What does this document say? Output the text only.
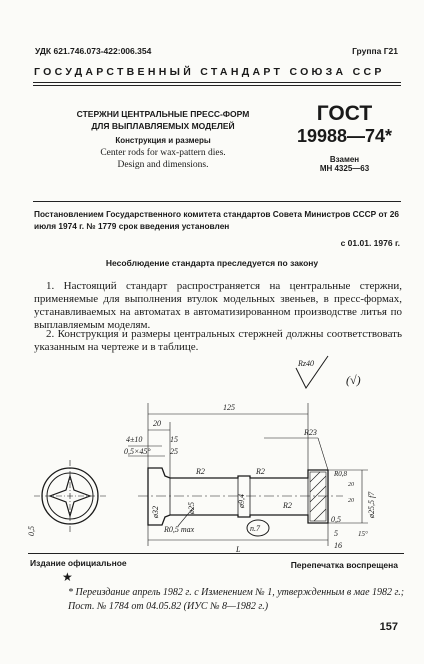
УДК 621.746.073-422:006.354	Группа Г21
ГОСУДАРСТВЕННЫЙ СТАНДАРТ СОЮЗА ССР
СТЕРЖНИ ЦЕНТРАЛЬНЫЕ ПРЕСС-ФОРМ
ДЛЯ ВЫПЛАВЛЯЕМЫХ МОДЕЛЕЙ
Конструкция и размеры
Center rods for wax-pattern dies.
Design and dimensions.
ГОСТ
19988—74*
Взамен
МН 4325—63
Постановлением Государственного комитета стандартов Совета Министров СССР от 26 июля 1974 г. № 1779 срок введения установлен
с 01.01. 1976 г.
Несоблюдение стандарта преследуется по закону
1. Настоящий стандарт распространяется на центральные стержни, применяемые для выполнения втулок модельных звеньев, в пресс-формах, устанавливаемых на автоматах в автоматизированном производстве литья по выплавляемым моделям.
2. Конструкция и размеры центральных стержней должны соответствовать указанным на чертеже и в таблице.
Rz40
(√)
125
20
4±10
0,5×45°
R2	R2
R2
R23
15
25
ø32	ø25	ø9,4	ø25,5 f7
R0,5 max
0,5
0,5
5
16
L
15°
п.7
20
20
R0,8
Издание официальное	Перепечатка воспрещена
★
* Переиздание апрель 1982 г. с Изменением № 1, утвержденным в мае 1982 г.; Пост. № 1784 от 04.05.82 (ИУС № 8—1982 г.)
157
